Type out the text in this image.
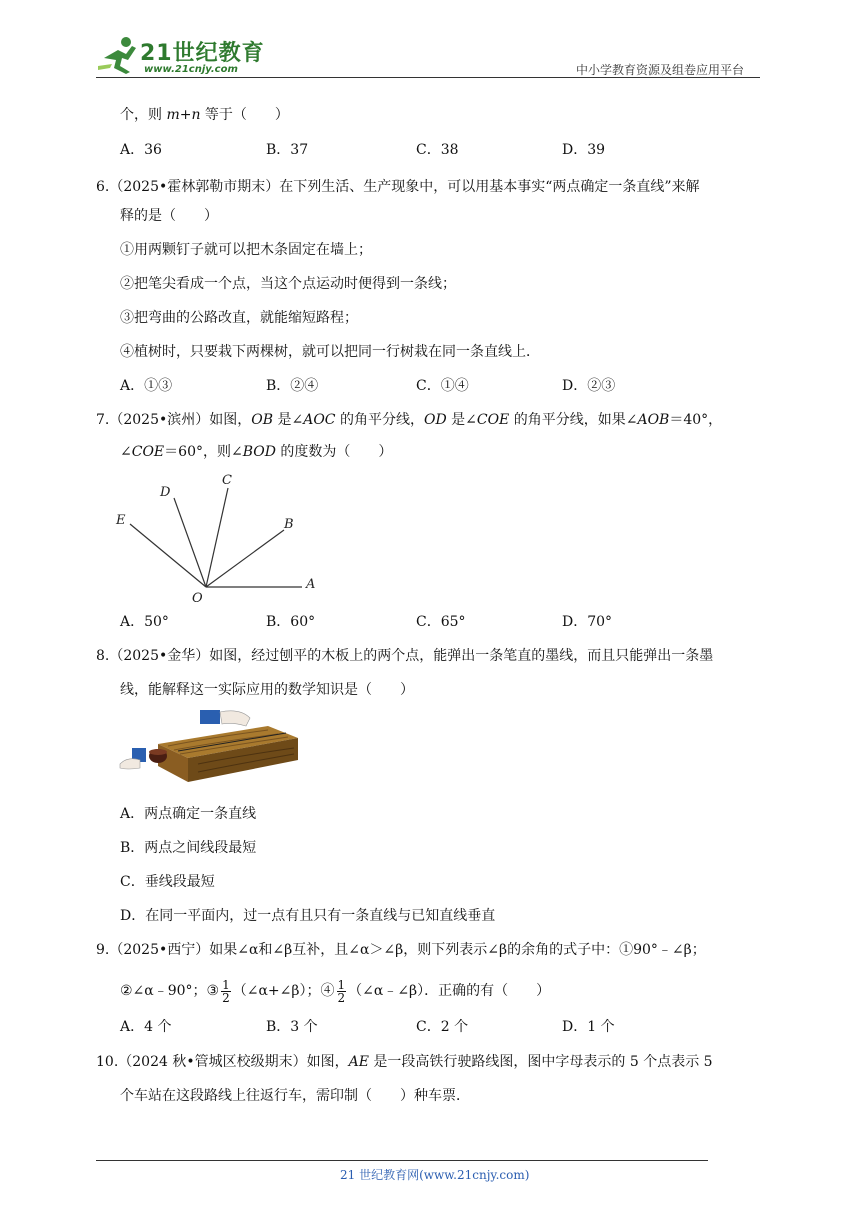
21世纪教育
www.21cnjy.com	中小学教育资源及组卷应用平台
个，则 m+n 等于（　　）
A．36	B．37	C．38	D．39
6.（2025•霍林郭勒市期末）在下列生活、生产现象中，可以用基本事实“两点确定一条直线”来解
释的是（　　）
①用两颗钉子就可以把木条固定在墙上；
②把笔尖看成一个点，当这个点运动时便得到一条线；
③把弯曲的公路改直，就能缩短路程；
④植树时，只要栽下两棵树，就可以把同一行树栽在同一条直线上．
A．①③	B．②④	C．①④	D．②③
7.（2025•滨州）如图，OB 是∠AOC 的角平分线，OD 是∠COE 的角平分线，如果∠AOB＝40°，
∠COE＝60°，则∠BOD 的度数为（　　）
E
D
C
B
A
O
A．50°	B．60°	C．65°	D．70°
8.（2025•金华）如图，经过刨平的木板上的两个点，能弹出一条笔直的墨线，而且只能弹出一条墨
线，能解释这一实际应用的数学知识是（　　）
A．两点确定一条直线
B．两点之间线段最短
C．垂线段最短
D．在同一平面内，过一点有且只有一条直线与已知直线垂直
9.（2025•西宁）如果∠α和∠β互补，且∠α＞∠β，则下列表示∠β的余角的式子中：①90°﹣∠β；
②∠α﹣90°；③ $\frac{1}{2}$ （∠α+∠β）；④ $\frac{1}{2}$ （∠α﹣∠β）．正确的有（　　）
A．4 个	B．3 个	C．2 个	D．1 个
10.（2024 秋•管城区校级期末）如图，AE 是一段高铁行驶路线图，图中字母表示的 5 个点表示 5
个车站在这段路线上往返行车，需印制（　　）种车票．
21 世纪教育网(www.21cnjy.com)
